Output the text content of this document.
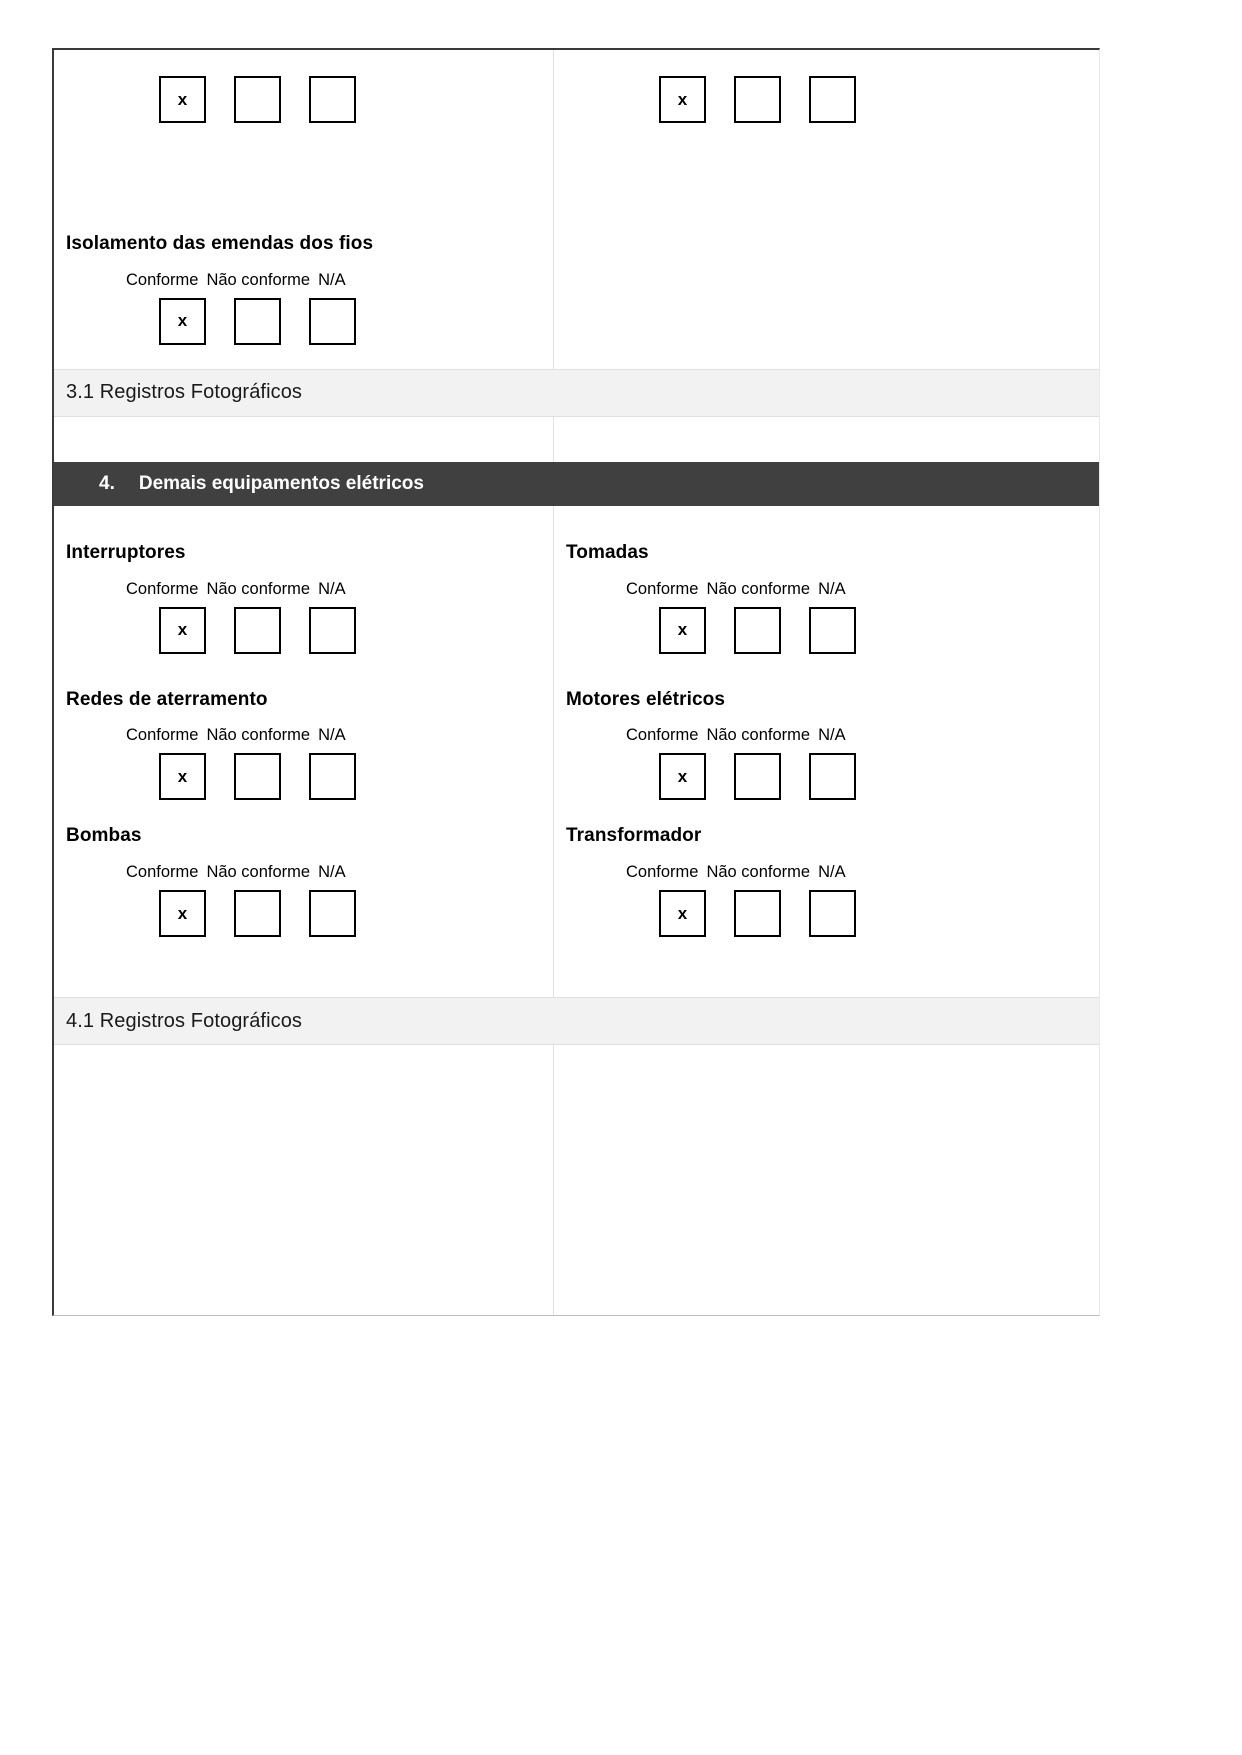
x
Isolamento das emendas dos fios
Conforme Não conforme N/A
x
x
3.1 Registros Fotográficos
4.	Demais equipamentos elétricos
Interruptores
Conforme Não conforme N/A
x
Redes de aterramento
Conforme Não conforme N/A
x
Bombas
Conforme Não conforme N/A
x
Tomadas
Conforme Não conforme N/A
x
Motores elétricos
Conforme Não conforme N/A
x
Transformador
Conforme Não conforme N/A
x
4.1 Registros Fotográficos
